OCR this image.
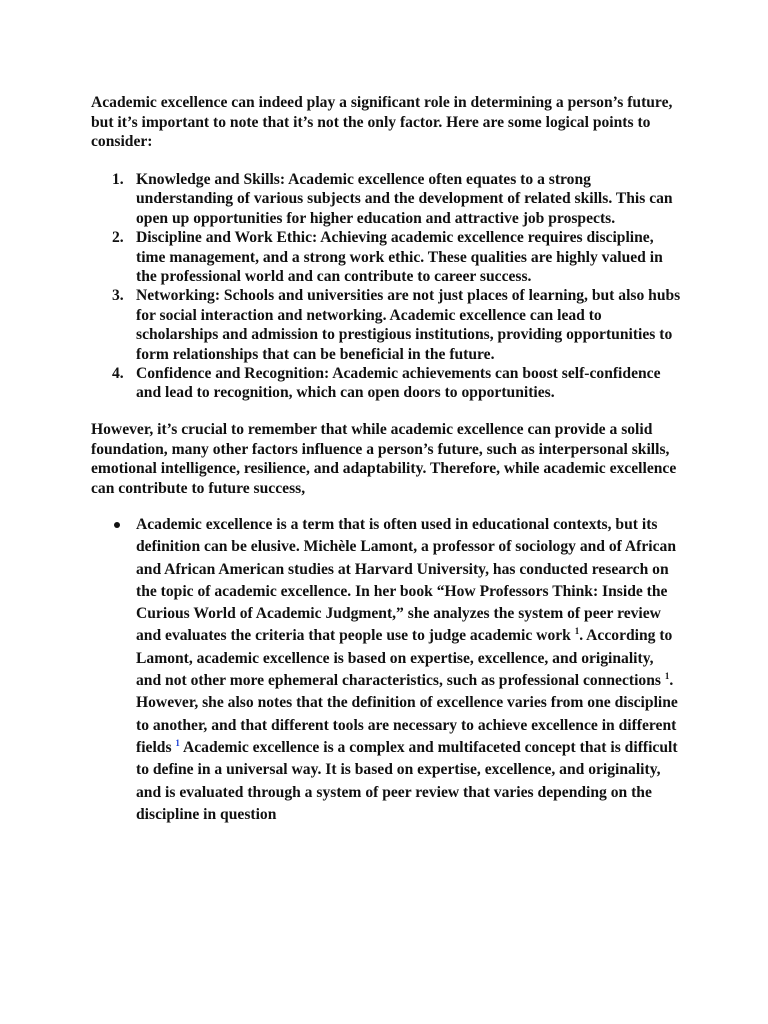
Academic excellence can indeed play a significant role in determining a person’s future, but it’s important to note that it’s not the only factor. Here are some logical points to consider:

1. Knowledge and Skills: Academic excellence often equates to a strong understanding of various subjects and the development of related skills. This can open up opportunities for higher education and attractive job prospects.
2. Discipline and Work Ethic: Achieving academic excellence requires discipline, time management, and a strong work ethic. These qualities are highly valued in the professional world and can contribute to career success.
3. Networking: Schools and universities are not just places of learning, but also hubs for social interaction and networking. Academic excellence can lead to scholarships and admission to prestigious institutions, providing opportunities to form relationships that can be beneficial in the future.
4. Confidence and Recognition: Academic achievements can boost self-confidence and lead to recognition, which can open doors to opportunities.

However, it’s crucial to remember that while academic excellence can provide a solid foundation, many other factors influence a person’s future, such as interpersonal skills, emotional intelligence, resilience, and adaptability. Therefore, while academic excellence can contribute to future success,

Academic excellence is a term that is often used in educational contexts, but its definition can be elusive. Michèle Lamont, a professor of sociology and of African and African American studies at Harvard University, has conducted research on the topic of academic excellence. In her book “How Professors Think: Inside the Curious World of Academic Judgment,” she analyzes the system of peer review and evaluates the criteria that people use to judge academic work $^1$. According to Lamont, academic excellence is based on expertise, excellence, and originality, and not other more ephemeral characteristics, such as professional connections $^1$. However, she also notes that the definition of excellence varies from one discipline to another, and that different tools are necessary to achieve excellence in different fields $^1$ Academic excellence is a complex and multifaceted concept that is difficult to define in a universal way. It is based on expertise, excellence, and originality, and is evaluated through a system of peer review that varies depending on the discipline in question
